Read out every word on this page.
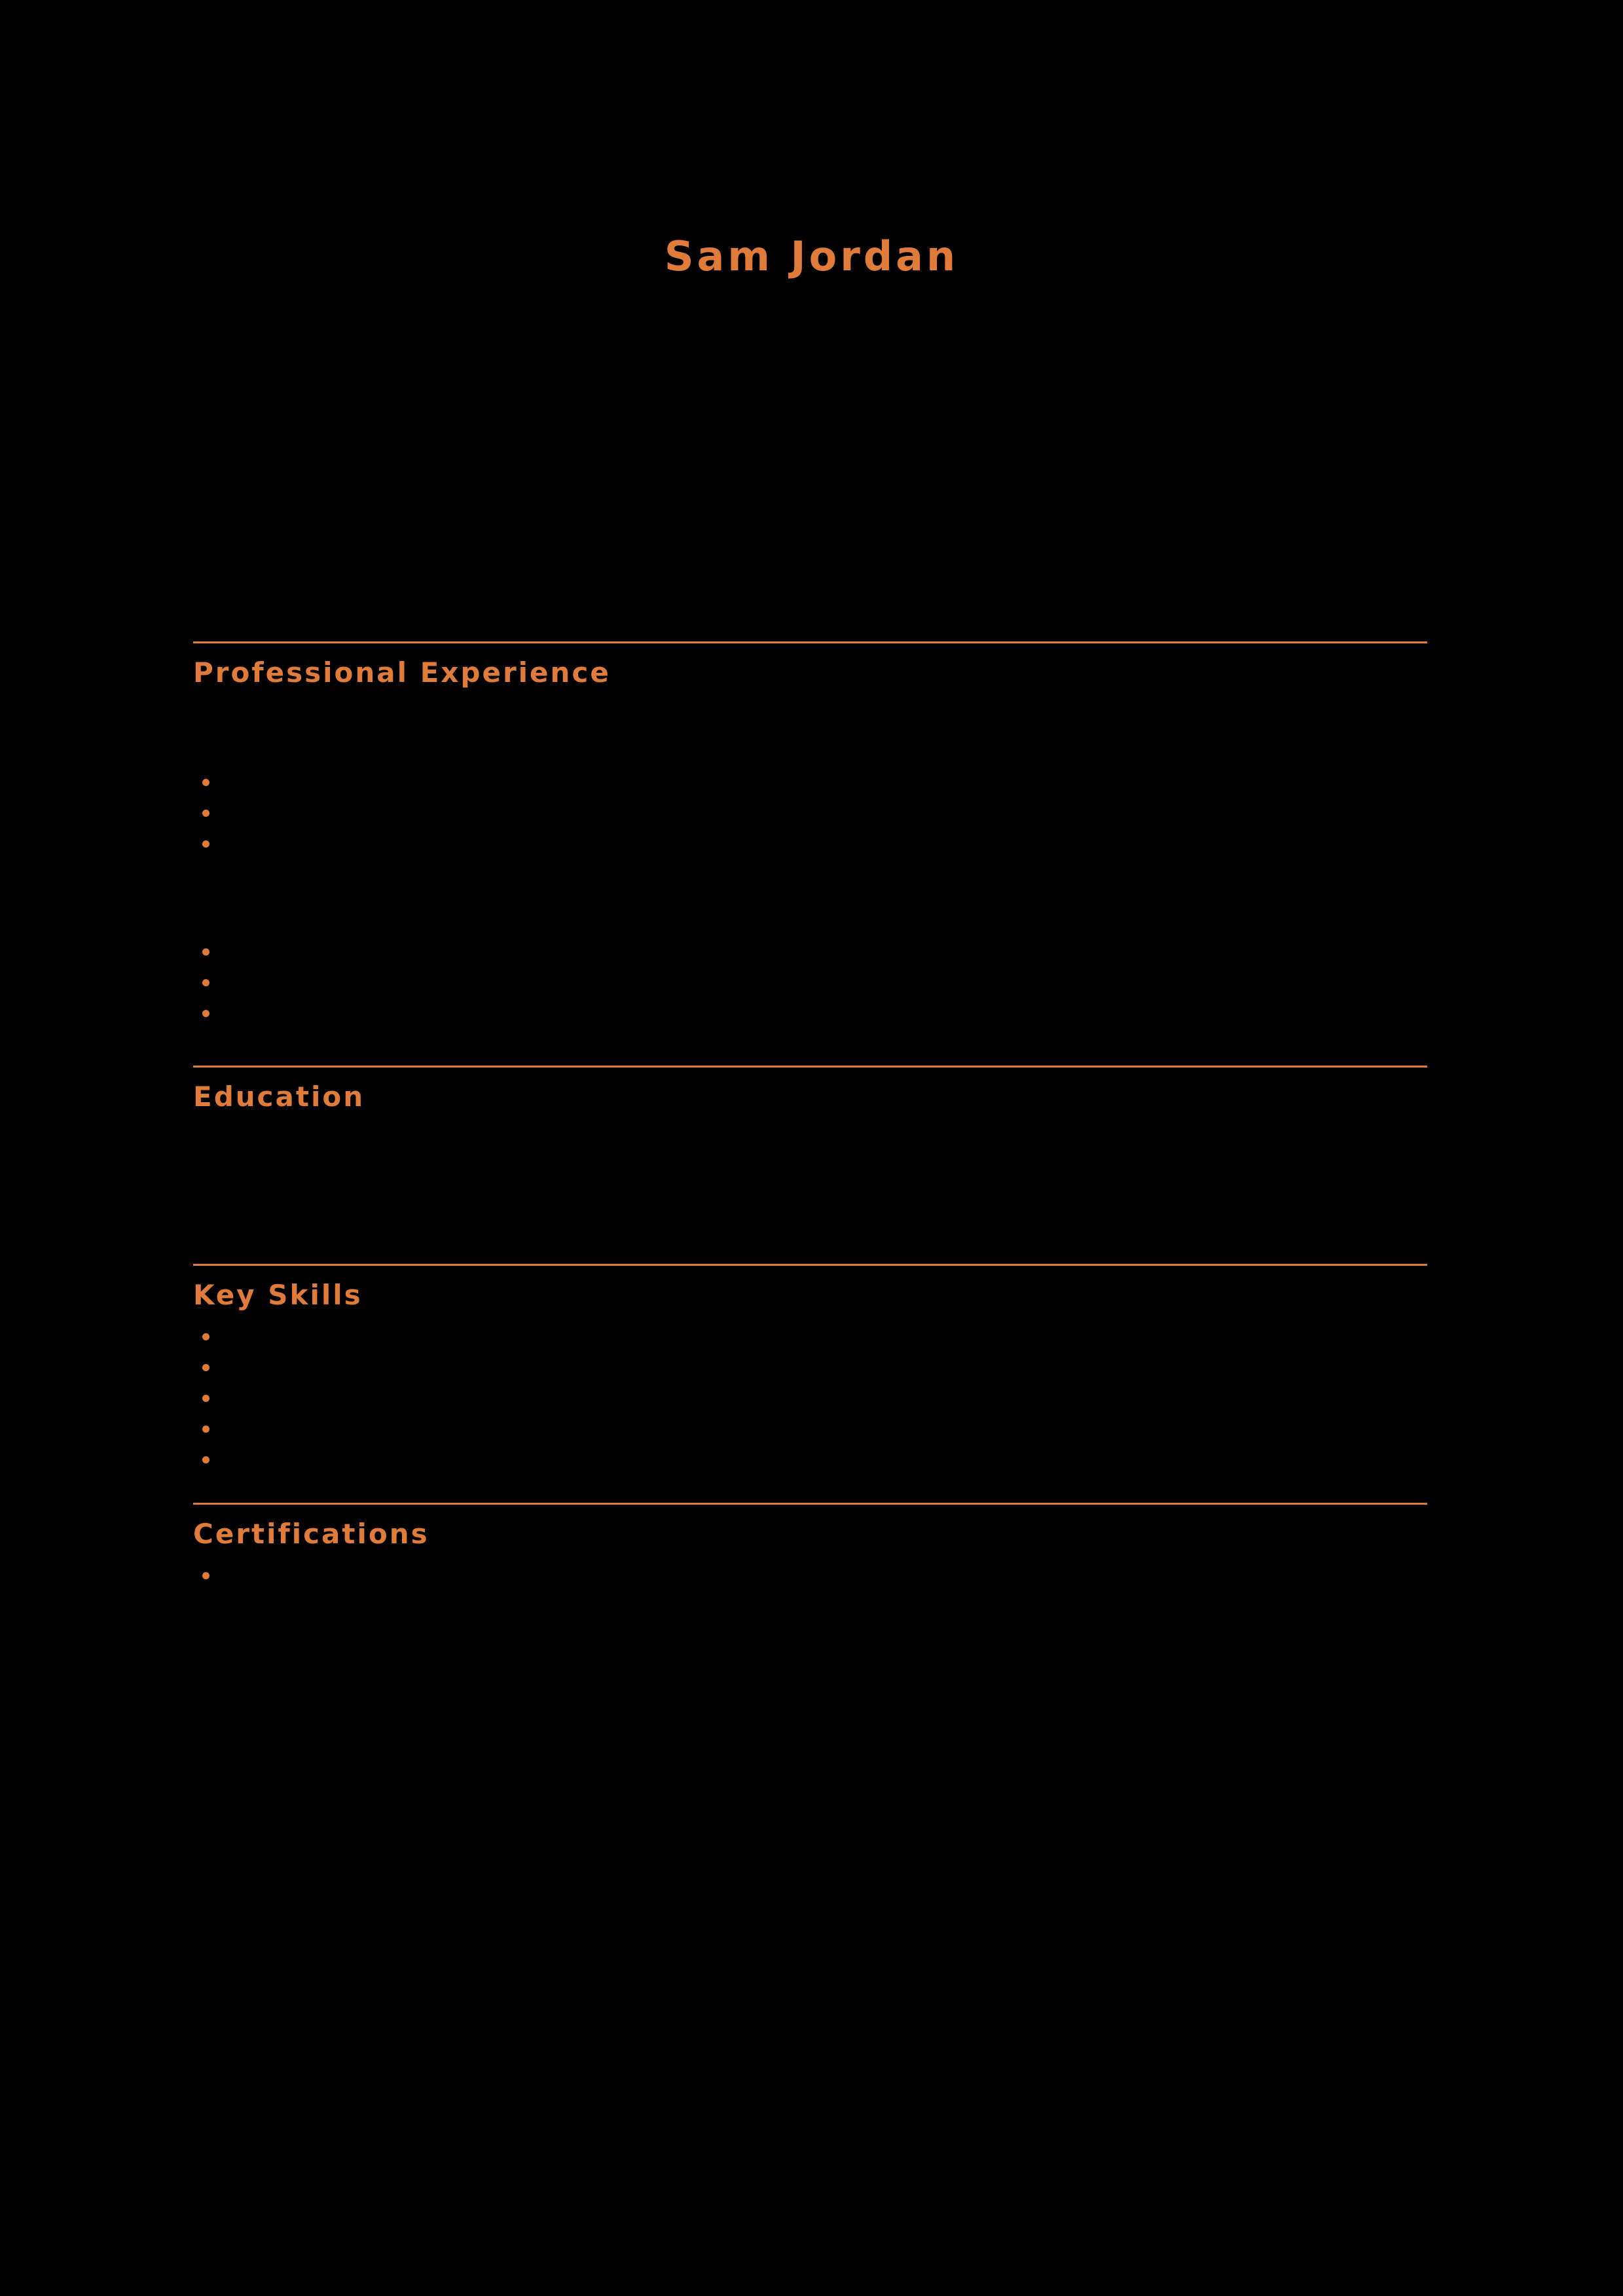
Sam Jordan
sam.jordan@example.com | (555) 018-2947 | Portland, OR
linkedin.com/in/samjordan | samjordan.dev
Operations and product specialist with eight years of experience leading cross-functional teams, streamlining delivery pipelines, and translating customer research into measurable roadmap outcomes.
Professional Experience
Senior Operations Manager	2021 - Present
Northbridge Logistics, Portland, OR
Directed a 14-person operations team and reduced average order cycle time by 27% over six quarters.
Built a vendor scorecard program covering 60+ suppliers, improving on-time delivery from 82% to 96%.
Partnered with finance to renegotiate freight contracts, saving $1.4M annually.
Operations Analyst	2017 - 2021
Cascade Supply Co., Seattle, WA
Developed forecasting models in SQL and Python that cut inventory write-offs by 19%.
Automated weekly reporting for five regional warehouses, saving 12 analyst hours per week.
Led onboarding and training for nine new analysts across two distribution centers.
Education
B.S. Industrial Engineering
University of Washington, Seattle, WA - 2013 - 2017
Key Skills
Process optimization and lean methodology
SQL, Python, and Tableau reporting
Vendor negotiation and contract management
Demand forecasting and inventory planning
Cross-functional team leadership
Certifications
Certified Supply Chain Professional (CSCP), APICS - 2020
